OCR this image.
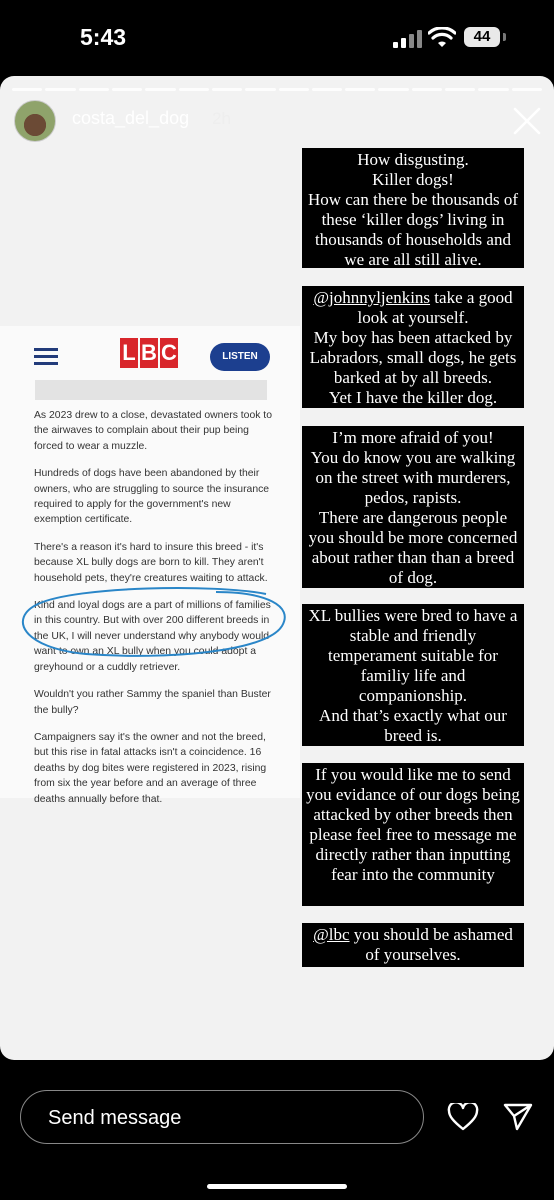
5:43	44
costa_del_dog 2h
L B C	LISTEN

As 2023 drew to a close, devastated owners took to the airwaves to complain about their pup being forced to wear a muzzle.

Hundreds of dogs have been abandoned by their owners, who are struggling to source the insurance required to apply for the government's new exemption certificate.

There's a reason it's hard to insure this breed - it's because XL bully dogs are born to kill. They aren't household pets, they're creatures waiting to attack.

Kind and loyal dogs are a part of millions of families in this country. But with over 200 different breeds in the UK, I will never understand why anybody would want to own an XL bully when you could adopt a greyhound or a cuddly retriever.

Wouldn't you rather Sammy the spaniel than Buster the bully?

Campaigners say it's the owner and not the breed, but this rise in fatal attacks isn't a coincidence. 16 deaths by dog bites were registered in 2023, rising from six the year before and an average of three deaths annually before that.

How disgusting.
Killer dogs!
How can there be thousands of these ‘killer dogs’ living in thousands of households and we are all still alive.
@johnnyljenkins take a good look at yourself.
My boy has been attacked by Labradors, small dogs, he gets barked at by all breeds.
Yet I have the killer dog.
I’m more afraid of you!
You do know you are walking on the street with murderers, pedos, rapists.
There are dangerous people you should be more concerned about rather than than a breed of dog.
XL bullies were bred to have a stable and friendly temperament suitable for familiy life and companionship.
And that’s exactly what our breed is.
If you would like me to send you evidance of our dogs being attacked by other breeds then please feel free to message me directly rather than inputting fear into the community
@lbc you should be ashamed of yourselves.
Send message
